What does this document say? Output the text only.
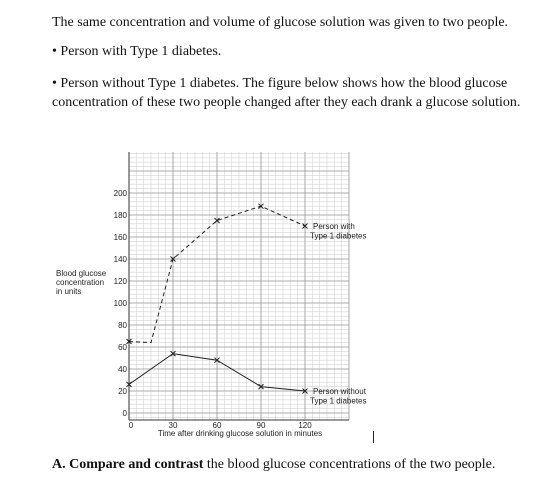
The same concentration and volume of glucose solution was given to two people.

• Person with Type 1 diabetes.

• Person without Type 1 diabetes. The figure below shows how the blood glucose concentration of these two people changed after they each drank a glucose solution.

0
20
40
60
80
100
120
140
160
180
200
0	30	60	90	120
Person with
Type 1 diabetes
Person without
Type 1 diabetes
Blood glucose
concentration
in units
Time after drinking glucose solution in minutes

A. Compare and contrast the blood glucose concentrations of the two people.
